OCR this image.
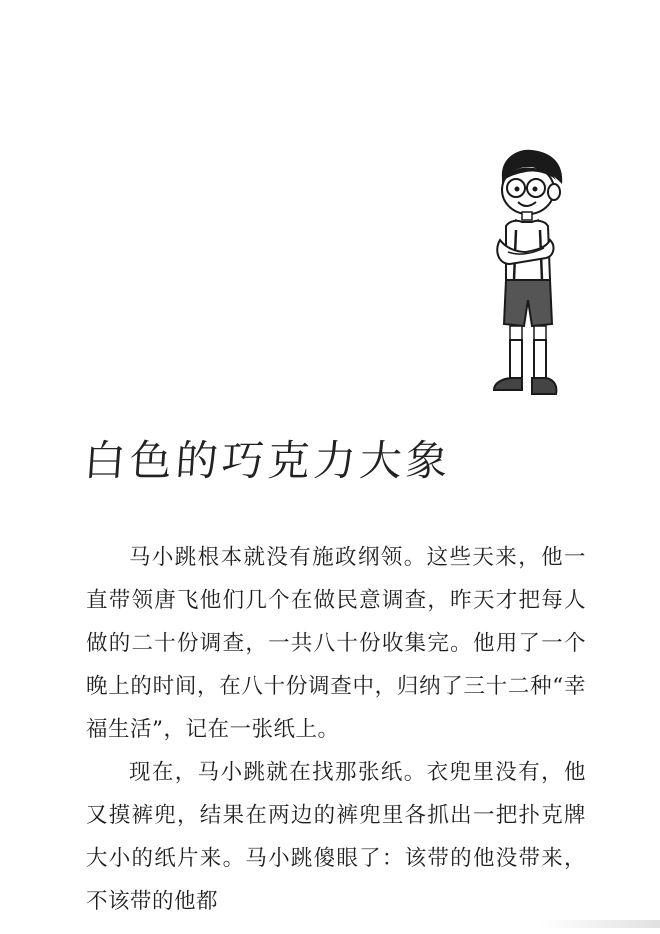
白色的巧克力大象

马小跳根本就没有施政纲领。这些天来，他一直带领唐飞他们几个在做民意调查，昨天才把每人做的二十份调查，一共八十份收集完。他用了一个晚上的时间，在八十份调查中，归纳了三十二种“幸福生活”，记在一张纸上。

现在，马小跳就在找那张纸。衣兜里没有，他又摸裤兜，结果在两边的裤兜里各抓出一把扑克牌大小的纸片来。马小跳傻眼了：该带的他没带来，不该带的他都
